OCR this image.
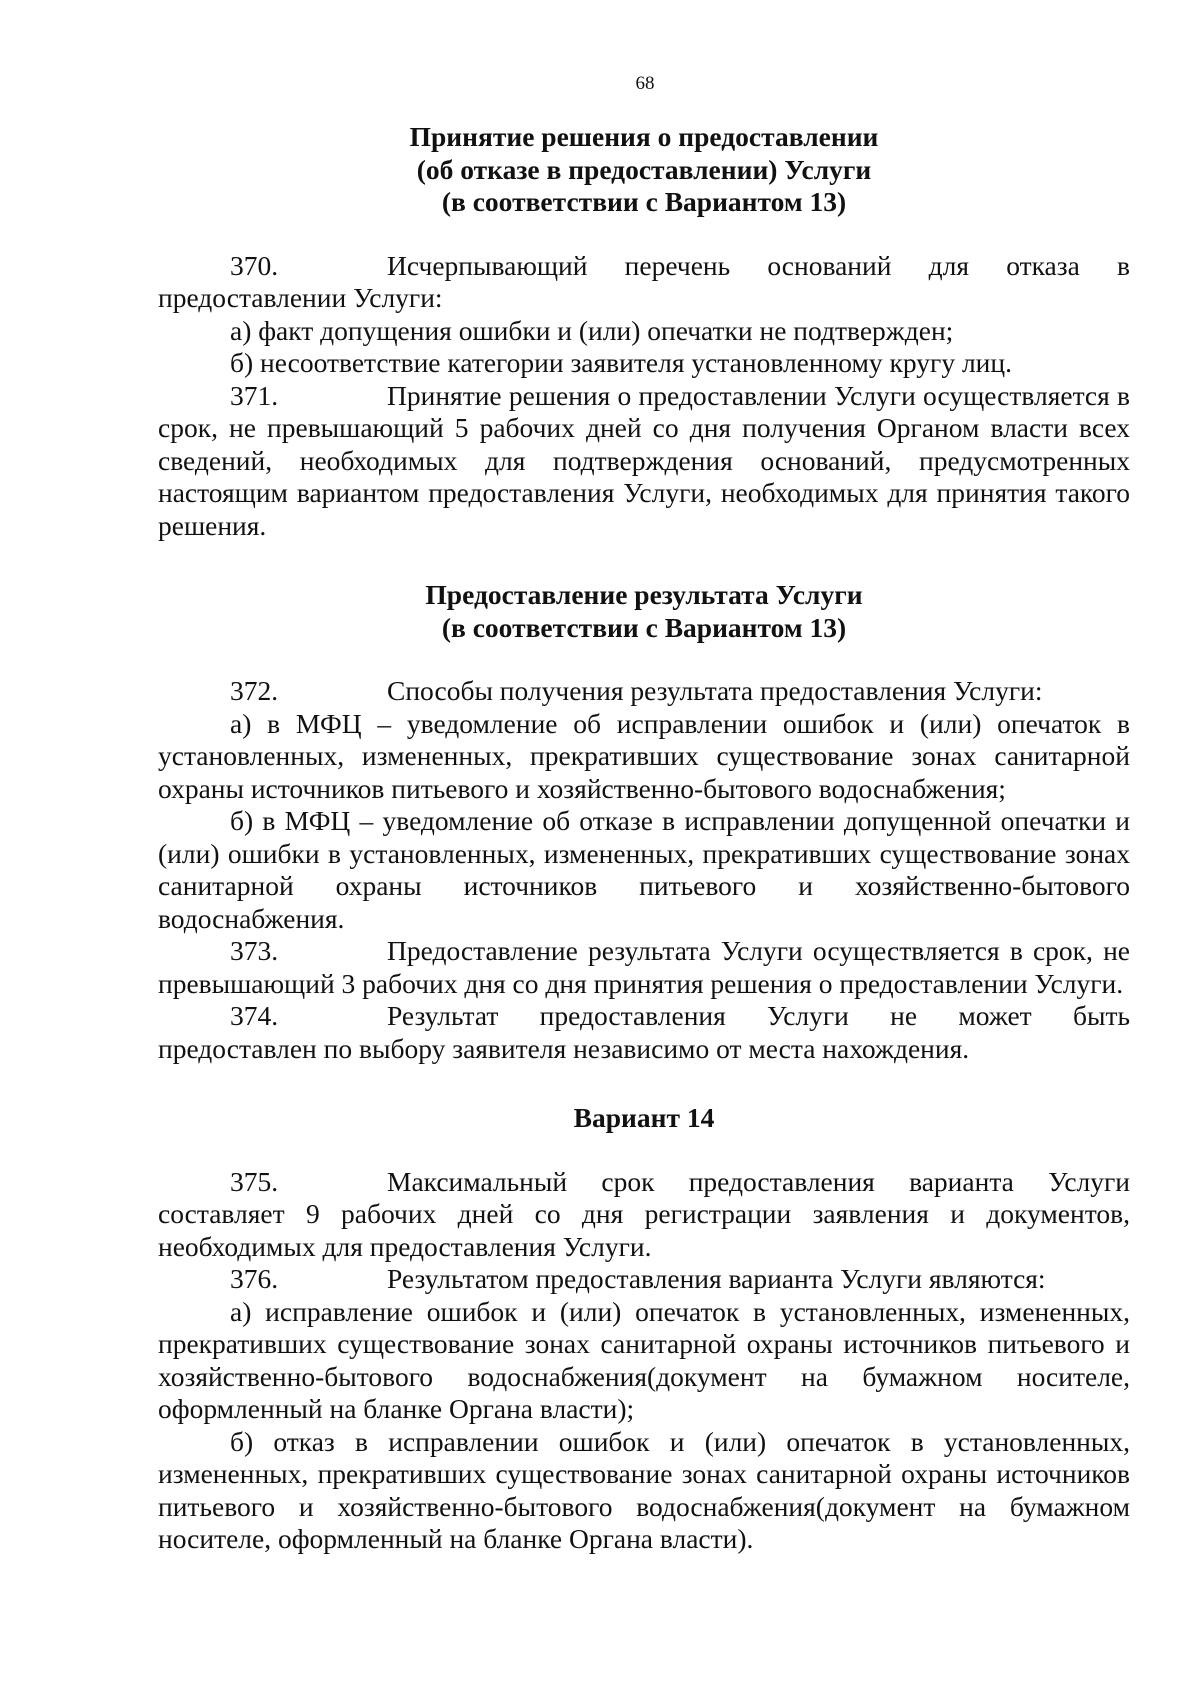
68
Принятие решения о предоставлении
(об отказе в предоставлении) Услуги
(в соответствии с Вариантом 13)

370.	Исчерпывающий перечень оснований для отказа в

предоставлении Услуги:

а) факт допущения ошибки и (или) опечатки не подтвержден;

б) несоответствие категории заявителя установленному кругу лиц.

371.	Принятие решения о предоставлении Услуги осуществляется в срок, не превышающий 5 рабочих дней со дня получения Органом власти всех сведений, необходимых для подтверждения оснований, предусмотренных настоящим вариантом предоставления Услуги, необходимых для принятия такого решения.

Предоставление результата Услуги
(в соответствии с Вариантом 13)

372.	Способы получения результата предоставления Услуги:

а) в МФЦ – уведомление об исправлении ошибок и (или) опечаток в установленных, измененных, прекративших существование зонах санитарной охраны источников питьевого и хозяйственно-бытового водоснабжения;

б) в МФЦ – уведомление об отказе в исправлении допущенной опечатки и (или) ошибки в установленных, измененных, прекративших существование зонах санитарной охраны источников питьевого и хозяйственно-бытового водоснабжения.

373.	Предоставление результата Услуги осуществляется в срок, не превышающий 3 рабочих дня со дня принятия решения о предоставлении Услуги.

374.	Результат предоставления Услуги не может быть

предоставлен по выбору заявителя независимо от места нахождения.

Вариант 14

375.	Максимальный срок предоставления варианта Услуги составляет 9 рабочих дней со дня регистрации заявления и документов, необходимых для предоставления Услуги.

376.	Результатом предоставления варианта Услуги являются:

а) исправление ошибок и (или) опечаток в установленных, измененных, прекративших существование зонах санитарной охраны источников питьевого и хозяйственно-бытового водоснабжения(документ на бумажном носителе, оформленный на бланке Органа власти);

б) отказ в исправлении ошибок и (или) опечаток в установленных, измененных, прекративших существование зонах санитарной охраны источников питьевого и хозяйственно-бытового водоснабжения(документ на бумажном носителе, оформленный на бланке Органа власти).
